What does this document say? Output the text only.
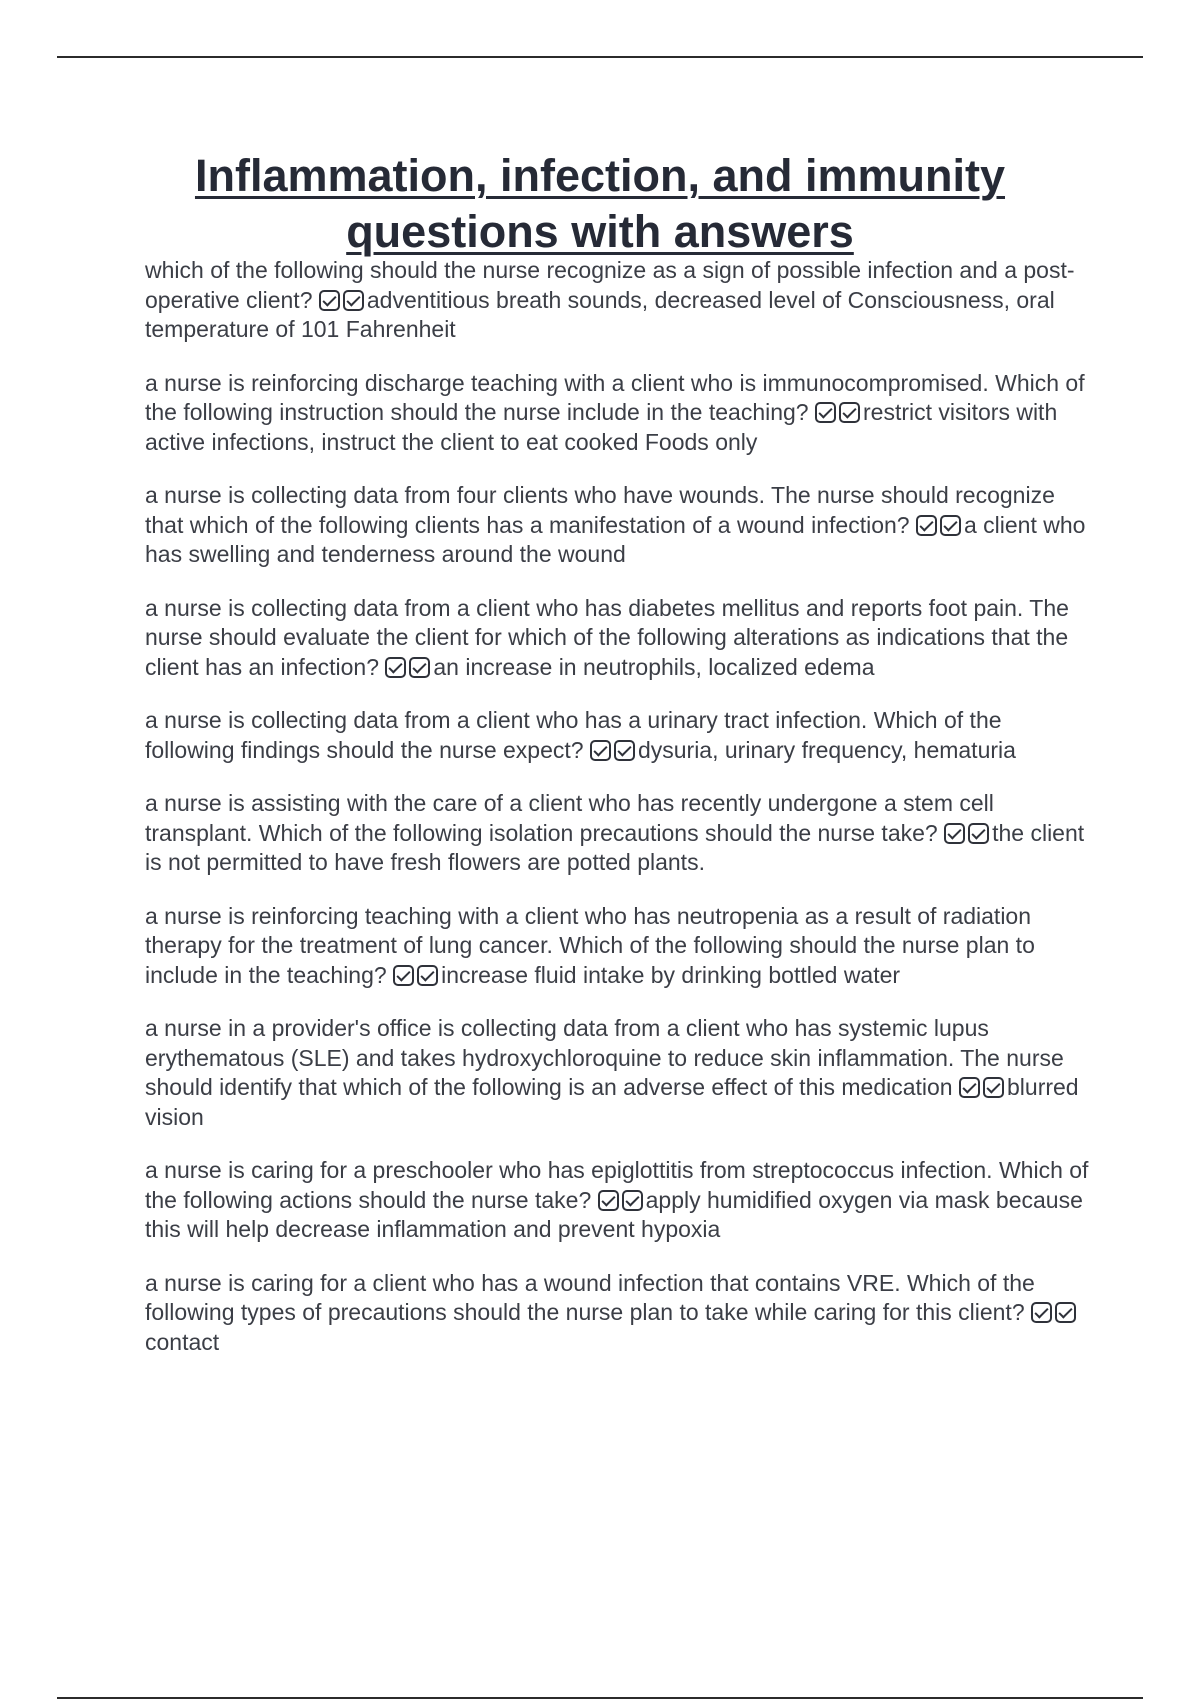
Inflammation, infection, and immunity questions with answers

which of the following should the nurse recognize as a sign of possible infection and a post-operative client? adventitious breath sounds, decreased level of Consciousness, oral temperature of 101 Fahrenheit

a nurse is reinforcing discharge teaching with a client who is immunocompromised. Which of the following instruction should the nurse include in the teaching? restrict visitors with active infections, instruct the client to eat cooked Foods only

a nurse is collecting data from four clients who have wounds. The nurse should recognize that which of the following clients has a manifestation of a wound infection? a client who has swelling and tenderness around the wound

a nurse is collecting data from a client who has diabetes mellitus and reports foot pain. The nurse should evaluate the client for which of the following alterations as indications that the client has an infection? an increase in neutrophils, localized edema

a nurse is collecting data from a client who has a urinary tract infection. Which of the following findings should the nurse expect? dysuria, urinary frequency, hematuria

a nurse is assisting with the care of a client who has recently undergone a stem cell transplant. Which of the following isolation precautions should the nurse take? the client is not permitted to have fresh flowers are potted plants.

a nurse is reinforcing teaching with a client who has neutropenia as a result of radiation therapy for the treatment of lung cancer. Which of the following should the nurse plan to include in the teaching? increase fluid intake by drinking bottled water

a nurse in a provider's office is collecting data from a client who has systemic lupus erythematous (SLE) and takes hydroxychloroquine to reduce skin inflammation. The nurse should identify that which of the following is an adverse effect of this medication blurred vision

a nurse is caring for a preschooler who has epiglottitis from streptococcus infection. Which of the following actions should the nurse take? apply humidified oxygen via mask because this will help decrease inflammation and prevent hypoxia

a nurse is caring for a client who has a wound infection that contains VRE. Which of the following types of precautions should the nurse plan to take while caring for this client? contact
